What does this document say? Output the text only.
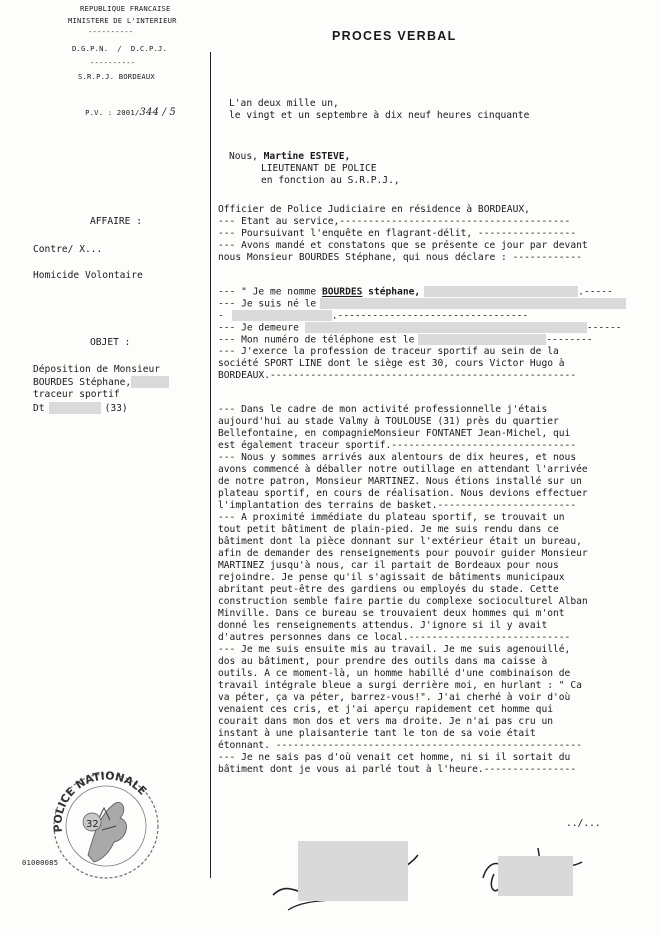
REPUBLIQUE FRANCAISE
MINISTERE DE L'INTERIEUR
----------
D.G.P.N.  /  D.C.P.J.
----------
S.R.P.J. BORDEAUX

P.V. : 2001/344 / 5

PROCES VERBAL
L'an deux mille un,
le vingt et un septembre à dix neuf heures cinquante
Nous, Martine ESTEVE,
LIEUTENANT DE POLICE
en fonction au S.R.P.J.,
AFFAIRE :
Contre/ X...
Homicide Volontaire
OBJET :
Déposition de Monsieur
BOURDES Stéphane,
traceur sportif
Dt	(33)
Officier de Police Judiciaire en résidence à BORDEAUX,
--- Etant au service,----------------------------------------
--- Poursuivant l'enquête en flagrant-délit, -----------------
--- Avons mandé et constatons que se présente ce jour par devant
nous Monsieur BOURDES Stéphane, qui nous déclare : ------------
--- " Je me nomme BOURDES stéphane,	.-----
--- Je suis né le
-	.---------------------------------
--- Je demeure	------
--- Mon numéro de téléphone est le	--------
--- J'exerce la profession de traceur sportif au sein de la
société SPORT LINE dont le siège est 30, cours Victor Hugo à
BORDEAUX.-----------------------------------------------------
--- Dans le cadre de mon activité professionnelle j'étais
aujourd'hui au stade Valmy à TOULOUSE (31) près du quartier
Bellefontaine, en compagnieMonsieur FONTANET Jean-Michel, qui
est également traceur sportif.--------------------------------
--- Nous y sommes arrivés aux alentours de dix heures, et nous
avons commencé à déballer notre outillage en attendant l'arrivée
de notre patron, Monsieur MARTINEZ. Nous étions installé sur un
plateau sportif, en cours de réalisation. Nous devions effectuer
l'implantation des terrains de basket.------------------------
--- A proximité immédiate du plateau sportif, se trouvait un
tout petit bâtiment de plain-pied. Je me suis rendu dans ce
bâtiment dont la pièce donnant sur l'extérieur était un bureau,
afin de demander des renseignements pour pouvoir guider Monsieur
MARTINEZ jusqu'à nous, car il partait de Bordeaux pour nous
rejoindre. Je pense qu'il s'agissait de bâtiments municipaux
abritant peut-être des gardiens ou employés du stade. Cette
construction semble faire partie du complexe socioculturel Alban
Minville. Dans ce bureau se trouvaient deux hommes qui m'ont
donné les renseignements attendus. J'ignore si il y avait
d'autres personnes dans ce local.----------------------------
--- Je me suis ensuite mis au travail. Je me suis agenouillé,
dos au bâtiment, pour prendre des outils dans ma caisse à
outils. A ce moment-là, un homme habillé d'une combinaison de
travail intégrale bleue a surgi derrière moi, en hurlant : " Ca
va péter, ça va péter, barrez-vous!". J'ai cherhé à voir d'où
venaient ces cris, et j'ai aperçu rapidement cet homme qui
courait dans mon dos et vers ma droite. Je n'ai pas cru un
instant à une plaisanterie tant le ton de sa voie était
étonnant. -----------------------------------------------------
--- Je ne sais pas d'où venait cet homme, ni si il sortait du
bâtiment dont je vous ai parlé tout à l'heure.----------------
../...
POLICE NATIONALE
32
01000085
